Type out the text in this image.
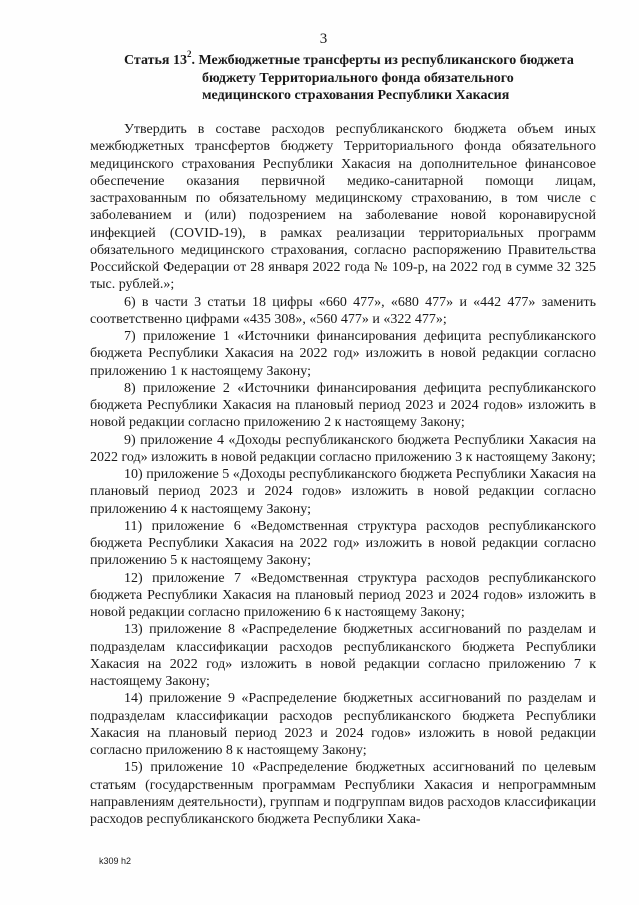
3
Статья $13^2$. Межбюджетные трансферты из республиканского бюджета
бюджету Территориального фонда обязательного
медицинского страхования Республики Хакасия

Утвердить в составе расходов республиканского бюджета объем иных межбюджетных трансфертов бюджету Территориального фонда обязательного медицинского страхования Республики Хакасия на дополнительное финансовое обеспечение оказания первичной медико-санитарной помощи лицам, застрахованным по обязательному медицинскому страхованию, в том числе с заболеванием и (или) подозрением на заболевание новой коронавирусной инфекцией (COVID-19), в рамках реализации территориальных программ обязательного медицинского страхования, согласно распоряжению Правительства Российской Федерации от 28 января 2022 года № 109-р, на 2022 год в сумме 32 325 тыс. рублей.»;

6) в части 3 статьи 18 цифры «660 477», «680 477» и «442 477» заменить соответственно цифрами «435 308», «560 477» и «322 477»;

7) приложение 1 «Источники финансирования дефицита республиканского бюджета Республики Хакасия на 2022 год» изложить в новой редакции согласно приложению 1 к настоящему Закону;

8) приложение 2 «Источники финансирования дефицита республиканского бюджета Республики Хакасия на плановый период 2023 и 2024 годов» изложить в новой редакции согласно приложению 2 к настоящему Закону;

9) приложение 4 «Доходы республиканского бюджета Республики Хакасия на 2022 год» изложить в новой редакции согласно приложению 3 к настоящему Закону;

10) приложение 5 «Доходы республиканского бюджета Республики Хакасия на плановый период 2023 и 2024 годов» изложить в новой редакции согласно приложению 4 к настоящему Закону;

11) приложение 6 «Ведомственная структура расходов республиканского бюджета Республики Хакасия на 2022 год» изложить в новой редакции согласно приложению 5 к настоящему Закону;

12) приложение 7 «Ведомственная структура расходов республиканского бюджета Республики Хакасия на плановый период 2023 и 2024 годов» изложить в новой редакции согласно приложению 6 к настоящему Закону;

13) приложение 8 «Распределение бюджетных ассигнований по разделам и подразделам классификации расходов республиканского бюджета Республики Хакасия на 2022 год» изложить в новой редакции согласно приложению 7 к настоящему Закону;

14) приложение 9 «Распределение бюджетных ассигнований по разделам и подразделам классификации расходов республиканского бюджета Республики Хакасия на плановый период 2023 и 2024 годов» изложить в новой редакции согласно приложению 8 к настоящему Закону;

15) приложение 10 «Распределение бюджетных ассигнований по целевым статьям (государственным программам Республики Хакасия и непрограммным направлениям деятельности), группам и подгруппам видов расходов классификации расходов республиканского бюджета Республики Хака-

k309 h2
